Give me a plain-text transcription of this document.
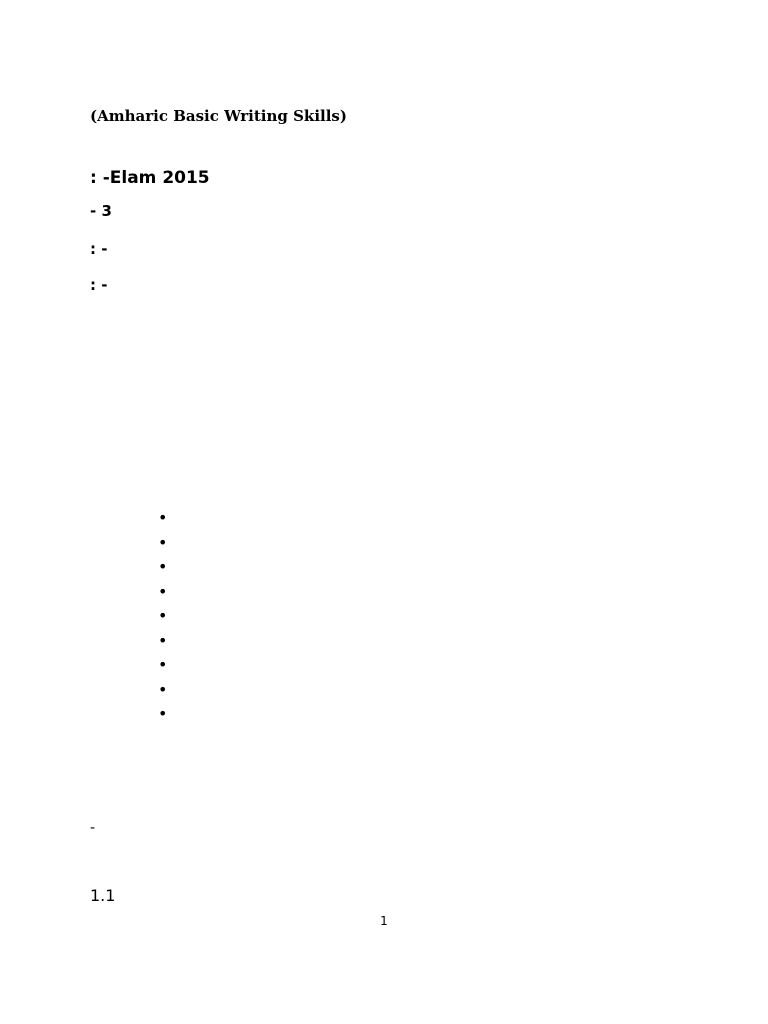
(Amharic Basic Writing Skills)
: -Elam 2015
- 3
: -
: -
•
•
•
•
•
•
•
•
•
-
1.1
1
